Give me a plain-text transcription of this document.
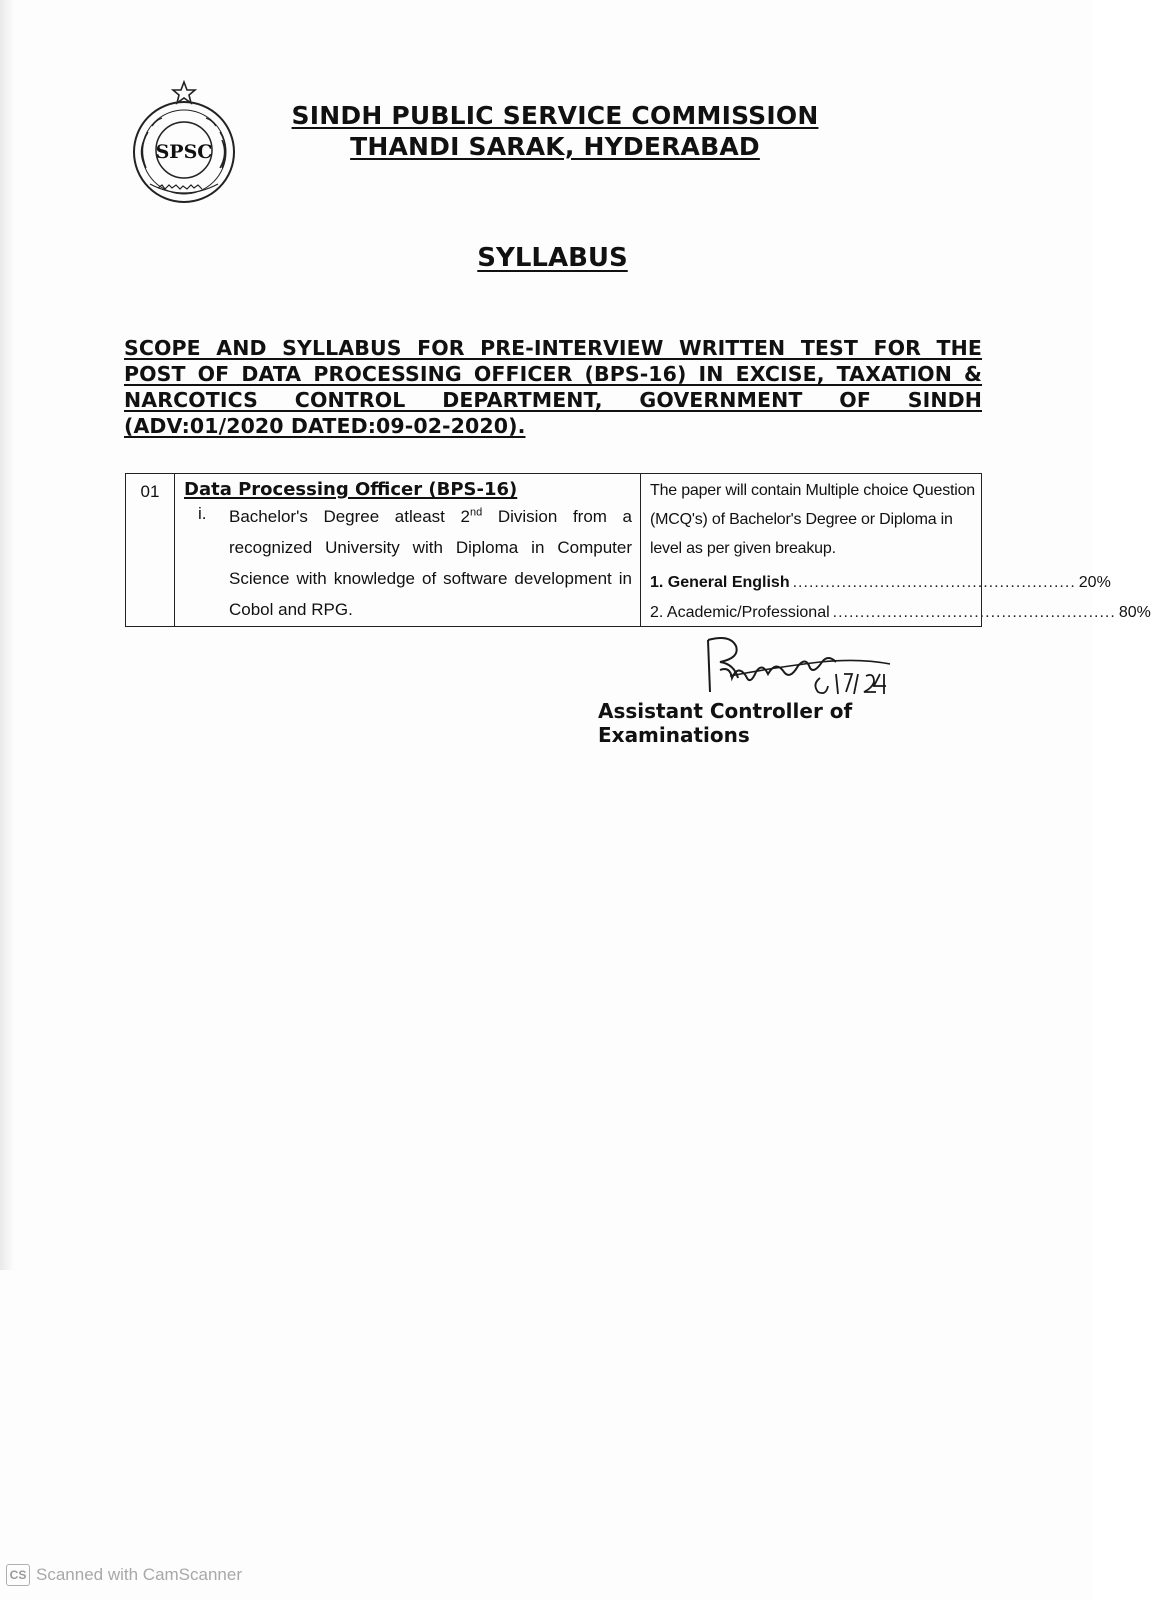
SPSC
SINDH PUBLIC SERVICE COMMISSION
THANDI SARAK, HYDERABAD
SYLLABUS
SCOPE AND SYLLABUS FOR PRE-INTERVIEW WRITTEN TEST FOR THE POST OF DATA PROCESSING OFFICER (BPS-16) IN EXCISE, TAXATION & NARCOTICS CONTROL DEPARTMENT, GOVERNMENT OF SINDH (ADV:01/2020 DATED:09-02-2020).
01	Data Processing Officer (BPS-16)
i. Bachelor's Degree atleast 2nd Division from a recognized University with Diploma in Computer Science with knowledge of software development in Cobol and RPG.
The paper will contain Multiple choice Question (MCQ's) of Bachelor's Degree or Diploma in level as per given breakup.
1. General English .................................................... 20%
2. Academic/Professional .................................................... 80%
Assistant Controller of Examinations
CS Scanned with CamScanner
